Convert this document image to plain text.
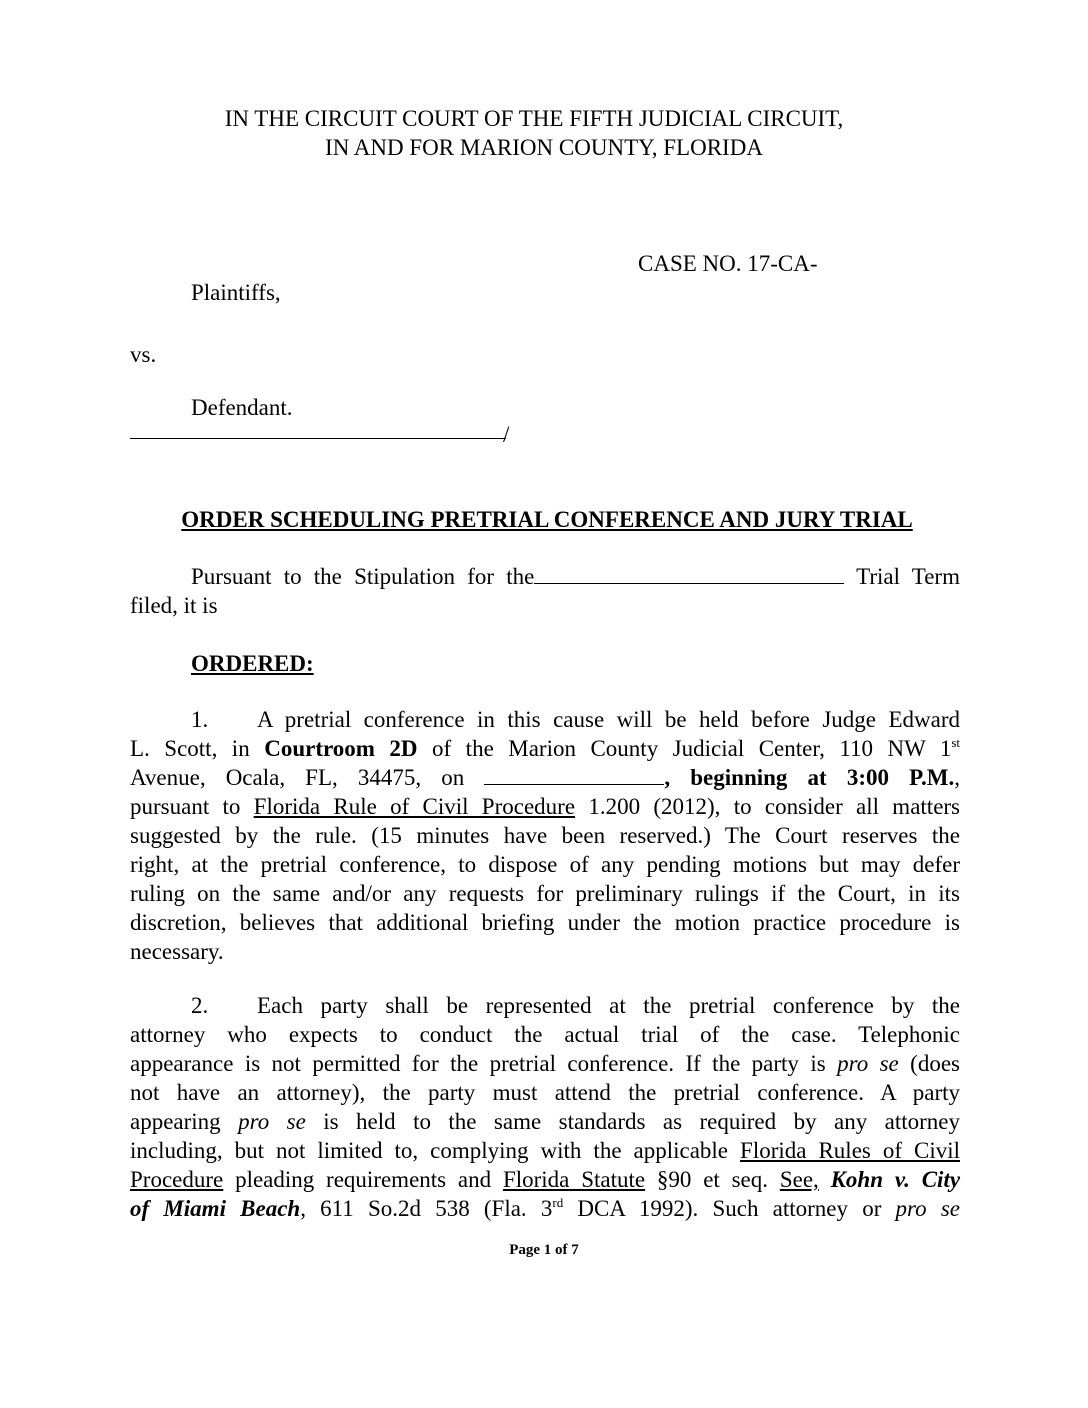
IN THE CIRCUIT COURT OF THE FIFTH JUDICIAL CIRCUIT,
IN AND FOR MARION COUNTY, FLORIDA
CASE NO. 17-CA-
Plaintiffs,
vs.
Defendant.
/
ORDER SCHEDULING PRETRIAL CONFERENCE AND JURY TRIAL
Pursuant to the Stipulation for the	Trial Term
filed, it is
ORDERED:
1. A pretrial conference in this cause will be held before Judge Edward
L. Scott, in Courtroom 2D of the Marion County Judicial Center, 110 NW 1st
Avenue, Ocala, FL, 34475, on	, beginning at 3:00 P.M.,
pursuant to Florida Rule of Civil Procedure 1.200 (2012), to consider all matters
suggested by the rule. (15 minutes have been reserved.) The Court reserves the
right, at the pretrial conference, to dispose of any pending motions but may defer
ruling on the same and/or any requests for preliminary rulings if the Court, in its
discretion, believes that additional briefing under the motion practice procedure is
necessary.
2. Each party shall be represented at the pretrial conference by the
attorney who expects to conduct the actual trial of the case. Telephonic
appearance is not permitted for the pretrial conference. If the party is pro se (does
not have an attorney), the party must attend the pretrial conference. A party
appearing pro se is held to the same standards as required by any attorney
including, but not limited to, complying with the applicable Florida Rules of Civil
Procedure pleading requirements and Florida Statute §90 et seq. See, Kohn v. City
of Miami Beach, 611 So.2d 538 (Fla. 3rd DCA 1992). Such attorney or pro se
Page 1 of 7
